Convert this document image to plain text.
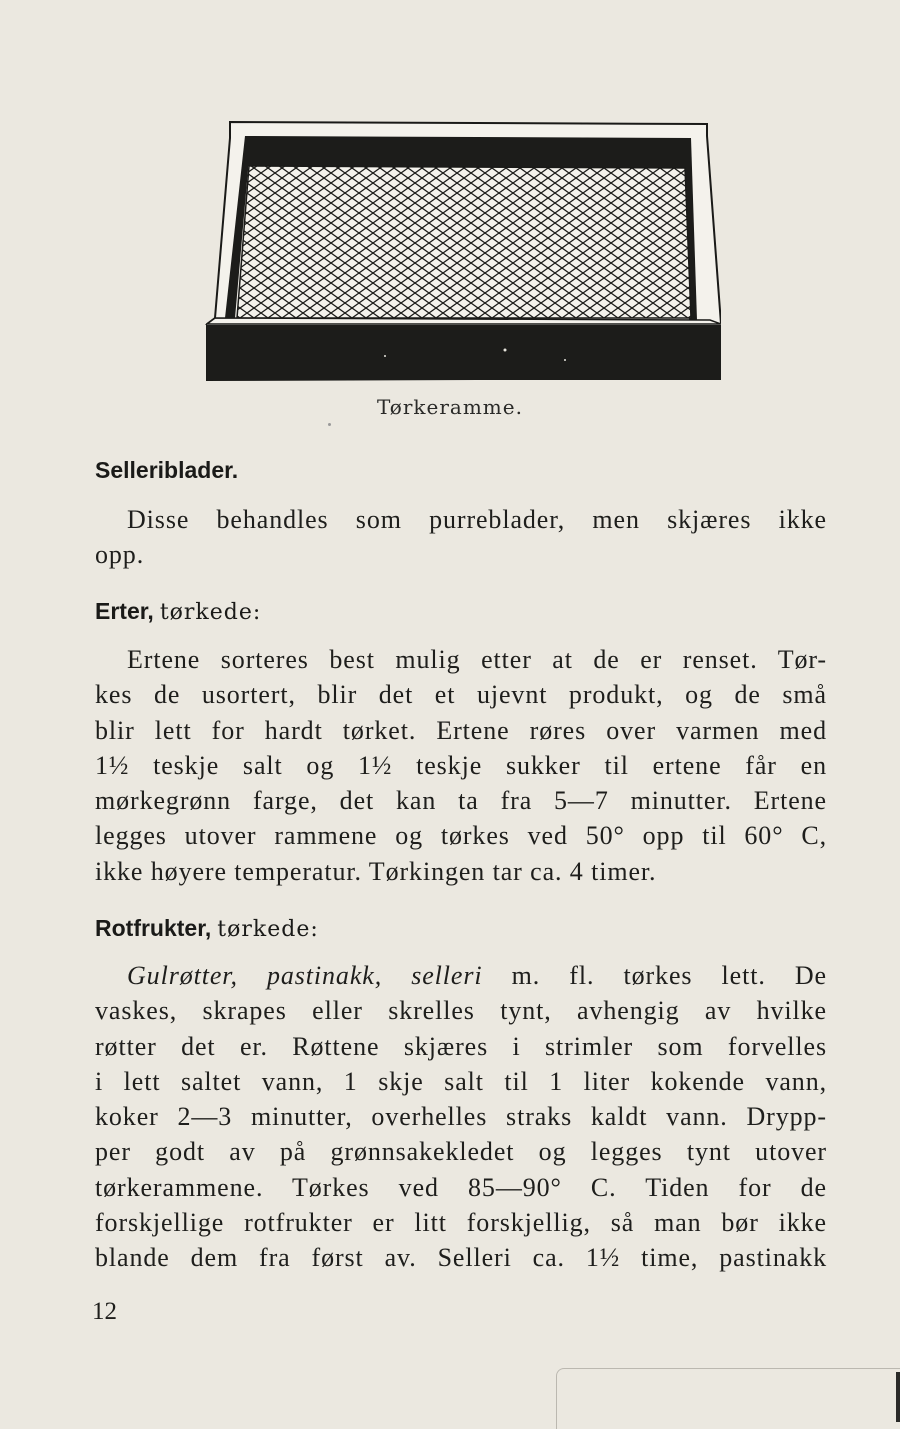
Tørkeramme.
Selleriblader.
Disse behandles som purreblader, men skjæres ikke
opp.
Erter, tørkede:
Ertene sorteres best mulig etter at de er renset. Tør-
kes de usortert, blir det et ujevnt produkt, og de små
blir lett for hardt tørket. Ertene røres over varmen med
1½ teskje salt og 1½ teskje sukker til ertene får en
mørkegrønn farge, det kan ta fra 5—7 minutter. Ertene
legges utover rammene og tørkes ved 50° opp til 60° C,
ikke høyere temperatur. Tørkingen tar ca. 4 timer.
Rotfrukter, tørkede:
Gulrøtter, pastinakk, selleri m. fl. tørkes lett. De
vaskes, skrapes eller skrelles tynt, avhengig av hvilke
røtter det er. Røttene skjæres i strimler som forvelles
i lett saltet vann, 1 skje salt til 1 liter kokende vann,
koker 2—3 minutter, overhelles straks kaldt vann. Drypp-
per godt av på grønnsakekledet og legges tynt utover
tørkerammene. Tørkes ved 85—90° C. Tiden for de
forskjellige rotfrukter er litt forskjellig, så man bør ikke
blande dem fra først av. Selleri ca. 1½ time, pastinakk
12
